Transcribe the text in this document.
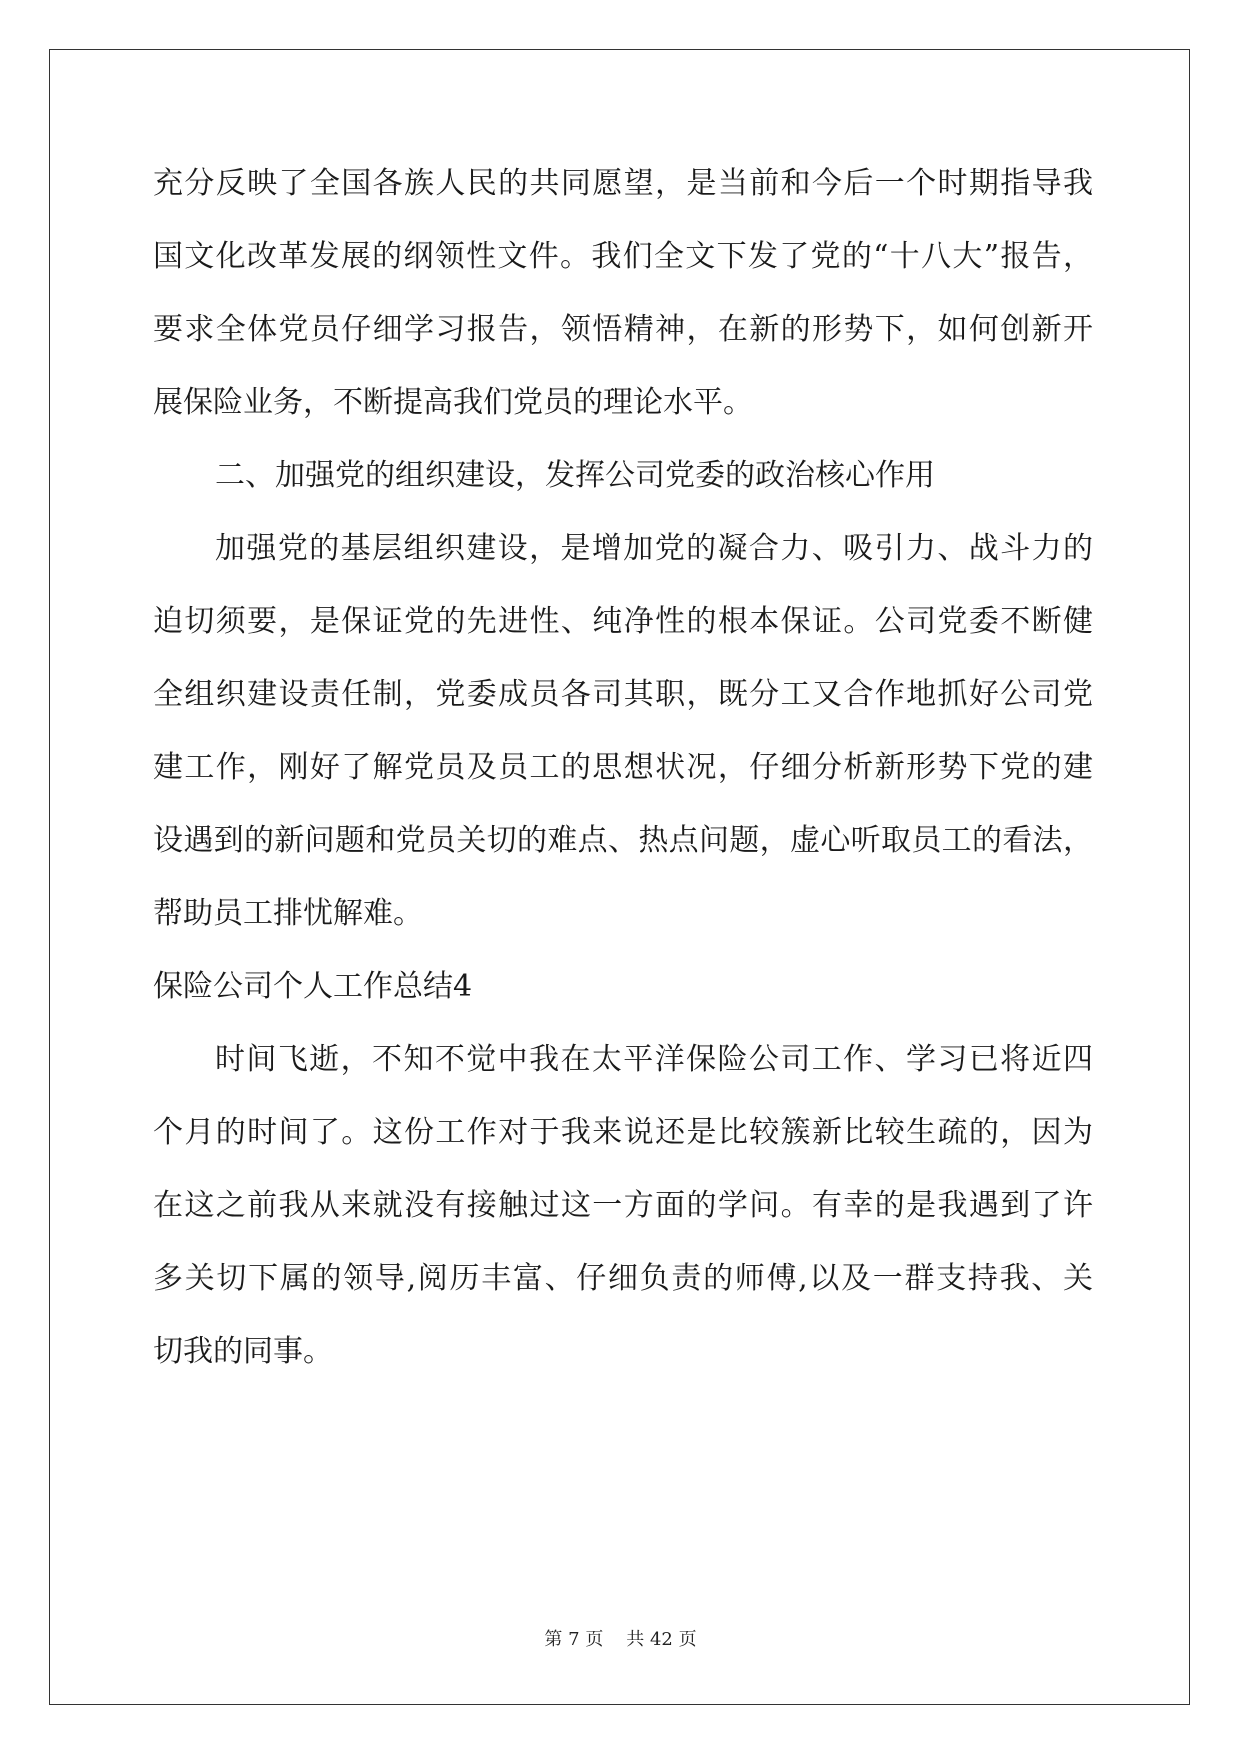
充分反映了全国各族人民的共同愿望，是当前和今后一个时期指导我
国文化改革发展的纲领性文件。我们全文下发了党的“十八大”报告，
要求全体党员仔细学习报告，领悟精神，在新的形势下，如何创新开
展保险业务，不断提高我们党员的理论水平。
二、加强党的组织建设，发挥公司党委的政治核心作用
加强党的基层组织建设，是增加党的凝合力、吸引力、战斗力的
迫切须要，是保证党的先进性、纯净性的根本保证。公司党委不断健
全组织建设责任制，党委成员各司其职，既分工又合作地抓好公司党
建工作，刚好了解党员及员工的思想状况，仔细分析新形势下党的建
设遇到的新问题和党员关切的难点、热点问题，虚心听取员工的看法，
帮助员工排忧解难。
保险公司个人工作总结4
时间飞逝，不知不觉中我在太平洋保险公司工作、学习已将近四
个月的时间了。这份工作对于我来说还是比较簇新比较生疏的，因为
在这之前我从来就没有接触过这一方面的学问。有幸的是我遇到了许
多关切下属的领导,阅历丰富、仔细负责的师傅,以及一群支持我、关
切我的同事。
第 7 页 共 42 页
